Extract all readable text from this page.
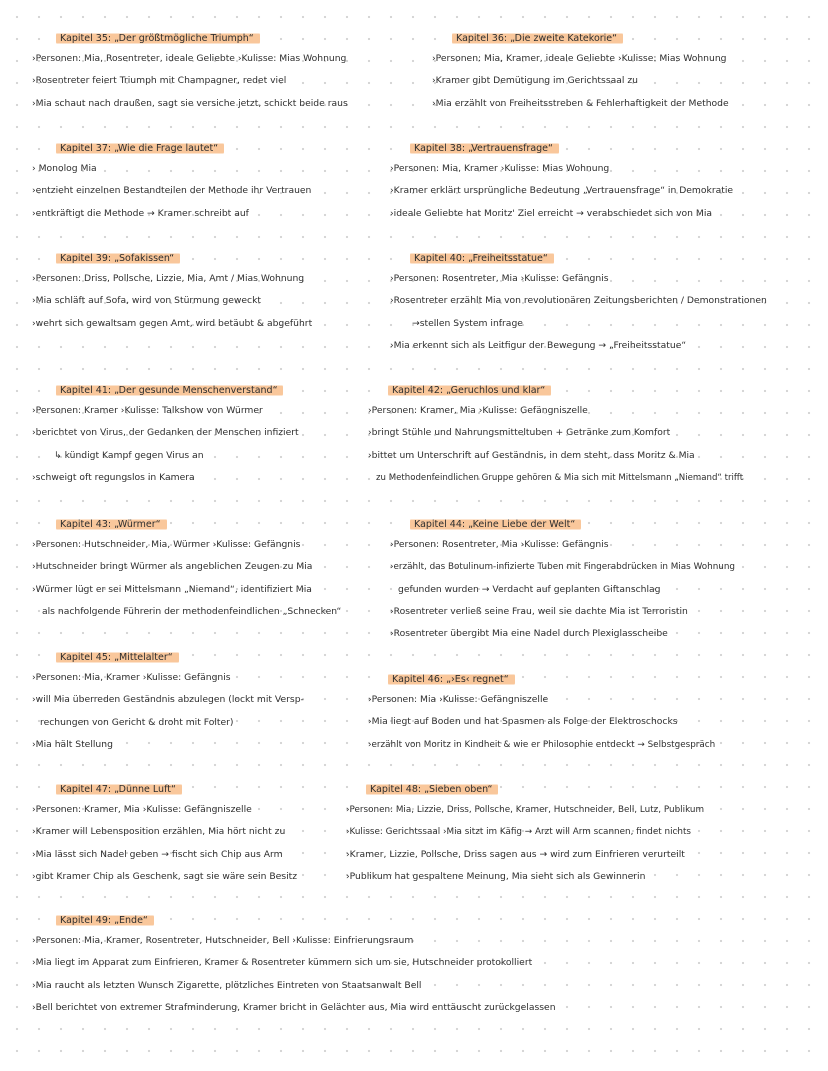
Kapitel 35: „Der größtmögliche Triumph“
›Personen: Mia, Rosentreter, ideale Geliebte ›Kulisse: Mias Wohnung
›Rosentreter feiert Triumph mit Champagner, redet viel
›Mia schaut nach draußen, sagt sie versiche jetzt, schickt beide raus
Kapitel 36: „Die zweite Katekorie“
›Personen: Mia, Kramer, ideale Geliebte ›Kulisse: Mias Wohnung
›Kramer gibt Demütigung im Gerichtssaal zu
›Mia erzählt von Freiheitsstreben & Fehlerhaftigkeit der Methode
Kapitel 37: „Wie die Frage lautet“
› Monolog Mia
›entzieht einzelnen Bestandteilen der Methode ihr Vertrauen
›entkräftigt die Methode → Kramer schreibt auf
Kapitel 38: „Vertrauensfrage“
›Personen: Mia, Kramer ›Kulisse: Mias Wohnung
›Kramer erklärt ursprüngliche Bedeutung „Vertrauensfrage“ in Demokratie
›ideale Geliebte hat Moritz' Ziel erreicht → verabschiedet sich von Mia
Kapitel 39: „Sofakissen“
›Personen: Driss, Pollsche, Lizzie, Mia, Amt / Mias Wohnung
›Mia schläft auf Sofa, wird von Stürmung geweckt
›wehrt sich gewaltsam gegen Amt, wird betäubt & abgeführt
Kapitel 40: „Freiheitsstatue“
›Personen: Rosentreter, Mia ›Kulisse: Gefängnis
›Rosentreter erzählt Mia von revolutionären Zeitungsberichten / Demonstrationen
→stellen System infrage
›Mia erkennt sich als Leitfigur der Bewegung → „Freiheitsstatue“
Kapitel 41: „Der gesunde Menschenverstand“
›Personen: Kramer ›Kulisse: Talkshow von Würmer
›berichtet von Virus, der Gedanken der Menschen infiziert
↳ kündigt Kampf gegen Virus an
›schweigt oft regungslos in Kamera
Kapitel 42: „Geruchlos und klar“
›Personen: Kramer, Mia ›Kulisse: Gefängniszelle
›bringt Stühle und Nahrungsmitteltuben + Getränke zum Komfort
›bittet um Unterschrift auf Geständnis, in dem steht, dass Moritz & Mia
zu Methodenfeindlichen Gruppe gehören & Mia sich mit Mittelsmann „Niemand“ trifft
Kapitel 43: „Würmer“
›Personen: Hutschneider, Mia, Würmer ›Kulisse: Gefängnis
›Hutschneider bringt Würmer als angeblichen Zeugen zu Mia
›Würmer lügt er sei Mittelsmann „Niemand“, identifiziert Mia
als nachfolgende Führerin der methodenfeindlichen „Schnecken“
Kapitel 44: „Keine Liebe der Welt“
›Personen: Rosentreter, Mia ›Kulisse: Gefängnis
›erzählt, das Botulinum-infizierte Tuben mit Fingerabdrücken in Mias Wohnung
gefunden wurden → Verdacht auf geplanten Giftanschlag
›Rosentreter verließ seine Frau, weil sie dachte Mia ist Terroristin
›Rosentreter übergibt Mia eine Nadel durch Plexiglasscheibe
Kapitel 45: „Mittelalter“
›Personen: Mia, Kramer ›Kulisse: Gefängnis
›will Mia überreden Geständnis abzulegen (lockt mit Versp-
rechungen von Gericht & droht mit Folter)
›Mia hält Stellung
Kapitel 46: „›Es‹ regnet“
›Personen: Mia ›Kulisse: Gefängniszelle
›Mia liegt auf Boden und hat Spasmen als Folge der Elektroschocks
›erzählt von Moritz in Kindheit & wie er Philosophie entdeckt → Selbstgespräch
Kapitel 47: „Dünne Luft“
›Personen: Kramer, Mia ›Kulisse: Gefängniszelle
›Kramer will Lebensposition erzählen, Mia hört nicht zu
›Mia lässt sich Nadel geben → fischt sich Chip aus Arm
›gibt Kramer Chip als Geschenk, sagt sie wäre sein Besitz
Kapitel 48: „Sieben oben“
›Personen: Mia, Lizzie, Driss, Pollsche, Kramer, Hutschneider, Bell, Lutz, Publikum
›Kulisse: Gerichtssaal ›Mia sitzt im Käfig → Arzt will Arm scannen, findet nichts
›Kramer, Lizzie, Pollsche, Driss sagen aus → wird zum Einfrieren verurteilt
›Publikum hat gespaltene Meinung, Mia sieht sich als Gewinnerin
Kapitel 49: „Ende“
›Personen: Mia, Kramer, Rosentreter, Hutschneider, Bell ›Kulisse: Einfrierungsraum
›Mia liegt im Apparat zum Einfrieren, Kramer & Rosentreter kümmern sich um sie, Hutschneider protokolliert
›Mia raucht als letzten Wunsch Zigarette, plötzliches Eintreten von Staatsanwalt Bell
›Bell berichtet von extremer Strafminderung, Kramer bricht in Gelächter aus, Mia wird enttäuscht zurückgelassen
